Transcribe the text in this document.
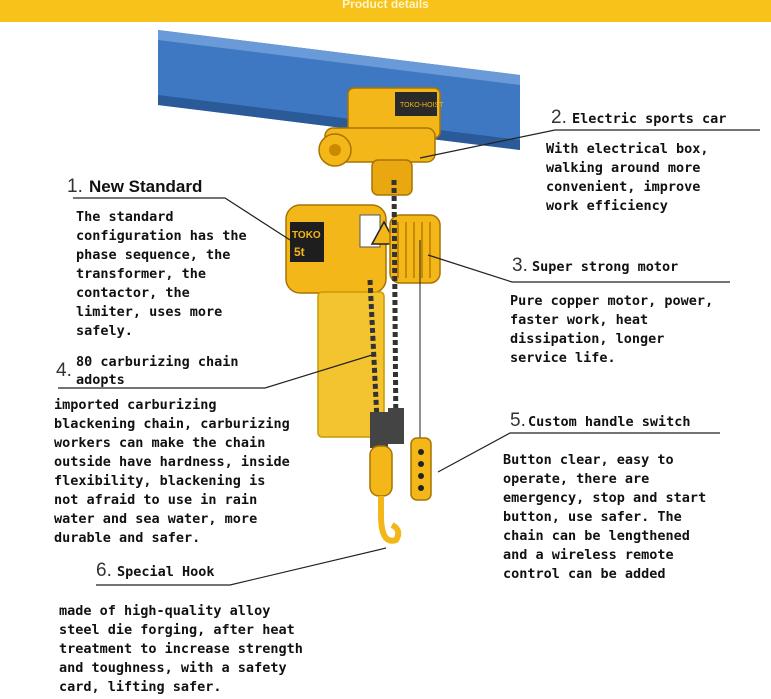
Product details
TOKO-HOIST
TOKO
5t
1. New Standard
The standard
configuration has the
phase sequence, the
transformer, the
contactor, the
limiter, uses more
safely.
2. Electric sports car
With electrical box,
walking around more
convenient, improve
work efficiency
3. Super strong motor
Pure copper motor, power,
faster work, heat
dissipation, longer
service life.
4. 80 carburizing chain
adopts
imported carburizing
blackening chain, carburizing
workers can make the chain
outside have hardness, inside
flexibility, blackening is
not afraid to use in rain
water and sea water, more
durable and safer.
5. Custom handle switch
Button clear, easy to
operate, there are
emergency, stop and start
button, use safer. The
chain can be lengthened
and a wireless remote
control can be added
6. Special Hook
made of high-quality alloy
steel die forging, after heat
treatment to increase strength
and toughness, with a safety
card, lifting safer.
